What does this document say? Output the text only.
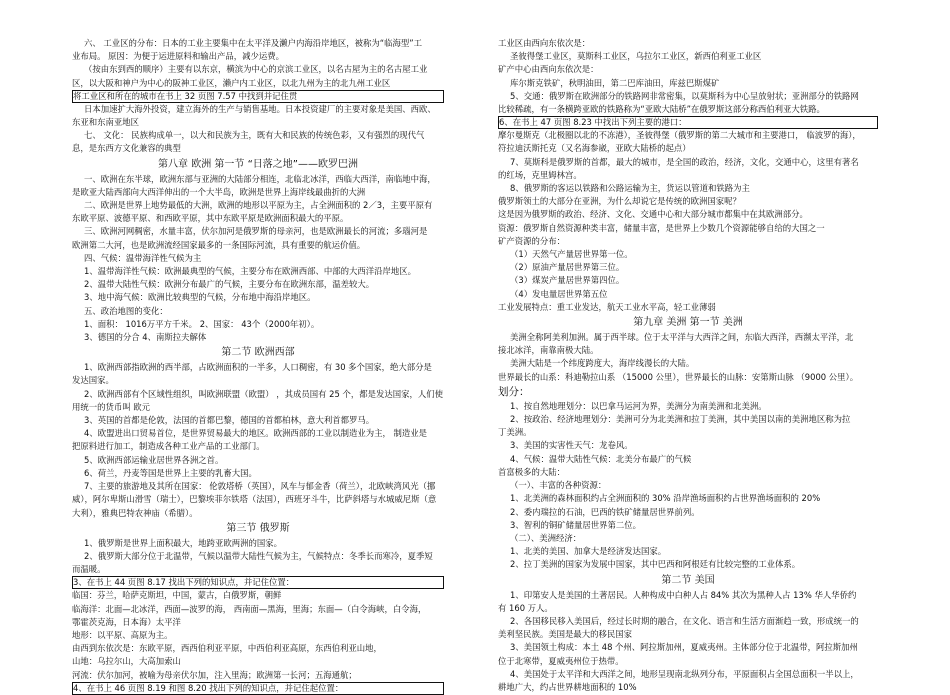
六、 工业区的分布：日本的工业主要集中在太平洋及濑户内海沿岸地区，被称为“临海型”工

业布局。 原因：为便于运进原料和输出产品，减少运费。

（按由东到西的顺序）主要有以东京，横滨为中心的京滨工业区，以名古屋为主的名古屋工业

区，以大阪和神户为中心的阪神工业区，濑户内工业区，以北九州为主的北九州工业区

将工业区和所在的城市在书上 32 页图 7.57 中找到并记住贯

日本加速扩大海外投资，建立海外的生产与销售基地。日本投资建厂的主要对象是美国、西欧、

东亚和东南亚地区

七、 文化： 民族构成单一，以大和民族为主，既有大和民族的传统色彩，又有强烈的现代气

息，是东西方文化兼容的典型

第八章 欧洲 第一节 “日落之地”——欧罗巴洲

一、欧洲在东半球，欧洲东部与亚洲的大陆部分相连，北临北冰洋，西临大西洋，南临地中海，

是欧亚大陆西部向大西洋伸出的一个大半岛，欧洲是世界上海岸线最曲折的大洲

二、欧洲是世界上地势最低的大洲，欧洲的地形以平原为主，占全洲面积的 2／3，主要平原有

东欧平原、波德平原、和西欧平原，其中东欧平原是欧洲面积最大的平原。

三、欧洲河网稠密，水量丰富，伏尔加河是俄罗斯的母亲河，也是欧洲最长的河流；多瑙河是

欧洲第二大河，也是欧洲流经国家最多的一条国际河流，具有重要的航运价值。

四、气候：温带海洋性气候为主

1、温带海洋性气候：欧洲最典型的气候，主要分布在欧洲西部、中部的大西洋沿岸地区。

2、温带大陆性气候：欧洲分布最广的气候，主要分布在欧洲东部，温差较大。

3、地中海气候：欧洲比较典型的气候，分布地中海沿岸地区。

五、政治地图的变化：

1、面积： 1016万平方千米。 2、国家： 43个（2000年初）。

3、德国的分合 4、南斯拉夫解体

第二节 欧洲西部

1、欧洲西部指欧洲的西半部，占欧洲面积的一半多，人口稠密，有 30 多个国家，绝大部分是

发达国家。

2、欧洲西部有个区域性组织，叫欧洲联盟（欧盟） ，其成员国有 25 个，都是发达国家，人们使

用统一的货币叫 欧元

3、英国的首都是伦敦，法国的首都巴黎，德国的首都柏林，意大利首都罗马。

4、欧盟进出口贸易首位，是世界贸易最大的地区。欧洲西部的工业以制造业为主， 制造业是

把原料进行加工，制造成各种工业产品的工业部门。

5、欧洲西部运输业居世界各洲之首。

6、荷兰，丹麦等国是世界上主要的乳畜大国。

7、主要的旅游地及其所在国家： 伦敦塔桥（英国），风车与郁金香（荷兰），北欧峡湾风光（挪

威），阿尔卑斯山滑雪（瑞士），巴黎埃菲尔铁塔（法国），西班牙斗牛，比萨斜塔与水城威尼斯（意

大利），雅典巴特农神庙（希腊）。

第三节 俄罗斯

1、俄罗斯是世界上面积最大，地跨亚欧两洲的国家。

2、俄罗斯大部分位于北温带，气候以温带大陆性气候为主，气候特点：冬季长而寒冷，夏季短

而温暖。

3、在书上 44 页图 8.17 找出下列的知识点，并记住位置：

临国：芬兰，哈萨克斯坦，中国，蒙古，白俄罗斯，朝鲜

临海洋：北面—北冰洋，西面—波罗的海， 西南面—黑海，里海；东面—（白令海峡，白令海，

鄂霍茨克海，日本海）太平洋

地形：以平原、高原为主。

由西到东依次是：东欧平原，西西伯利亚平原，中西伯利亚高原，东西伯利亚山地，

山地：乌拉尔山，大高加索山

河流：伏尔加河，被喻为母亲伏尔加，注入里海；欧洲第一长河；五海通航；

4、在书上 46 页图 8.19 和图 8.20 找出下列的知识点，并记住起位置：

工业区由西向东依次是：

圣彼得堡工业区，莫斯科工业区，乌拉尔工业区，新西伯利亚工业区

矿产中心由西向东依次是：

库尔斯克铁矿，秋明油田，第二巴库油田，库兹巴斯煤矿

5、交通：俄罗斯在欧洲部分的铁路网非常密集，以莫斯科为中心呈放射状；亚洲部分的铁路网

比较稀疏，有一条横跨亚欧的铁路称为“亚欧大陆桥”在俄罗斯这部分称西伯利亚大铁路。

6、在书上 47 页图 8.23 中找出下列主要的港口：

摩尔曼斯克（北极圈以北的不冻港），圣彼得堡（俄罗斯的第二大城市和主要港口， 临波罗的海），

符拉迪沃斯托克（又名海参崴，亚欧大陆桥的起点）

7、莫斯科是俄罗斯的首都，最大的城市，是全国的政治，经济，文化，交通中心，这里有著名

的红场，克里姆林宫。

8、俄罗斯的客运以铁路和公路运输为主，货运以管道和铁路为主

俄罗斯领土的大部分在亚洲，为什么却说它是传统的欧洲国家呢？

这是因为俄罗斯的政治、经济、文化、交通中心和大部分城市都集中在其欧洲部分。

资源：俄罗斯自然资源种类丰富，储量丰富，是世界上少数几个资源能够自给的大国之一

矿产资源的分布：

（1）天然气产量居世界第一位。

（2）原油产量居世界第三位。

（3）煤炭产量居世界第四位。

（4）发电量居世界第五位

工业发展特点：重工业发达，航天工业水平高，轻工业薄弱

第九章 美洲 第一节 美洲

美洲全称阿美利加洲。属于西半球。位于太平洋与大西洋之间，东临大西洋，西濒太平洋，北

接北冰洋，南靠南极大陆。

美洲大陆是一个纬度跨度大，海岸线漫长的大陆。

世界最长的山系：科迪勒拉山系 （15000 公里），世界最长的山脉：安第斯山脉 （9000 公里）。

划分：

1、按自然地理划分：以巴拿马运河为界，美洲分为南美洲和北美洲。

2、按政治、经济地理划分：美洲可分为北美洲和拉丁美洲，其中美国以南的美洲地区称为拉

丁美洲。

3、美国的实害性天气：龙卷风。

4、气候：温带大陆性气候：北美分布最广的气候

首富极多的大陆：

（一）、丰富的各种资源：

1、北美洲的森林面积约占全洲面积的 30% 沿岸渔场面积约占世界渔场面积的 20%

2、委内瑞拉的石油，巴西的铁矿储量居世界前列。

3、智利的铜矿储量居世界第二位。

（二）、美洲经济：

1、北美的美国、加拿大是经济发达国家。

2、拉丁美洲的国家为发展中国家，其中巴西和阿根廷有比较完整的工业体系。

第二节 美国

1、印第安人是美国的土著居民。人种构成中白种人占 84% 其次为黑种人占 13% 华人华侨约

有 160 万人。

2、各国移民移入美国后，经过长时期的融合，在文化、语言和生活方面渐趋一致，形成统一的

美利坚民族。美国是最大的移民国家

3、美国领土构成：本土 48 个州、阿拉斯加州，夏威夷州。主体部分位于北温带，阿拉斯加州

位于北寒带，夏威夷州位于热带。

4、美国处于太平洋和大西洋之间，地形呈现南北纵列分布，平原面积占全国总面积一半以上，

耕地广大，约占世界耕地面积的 10%
